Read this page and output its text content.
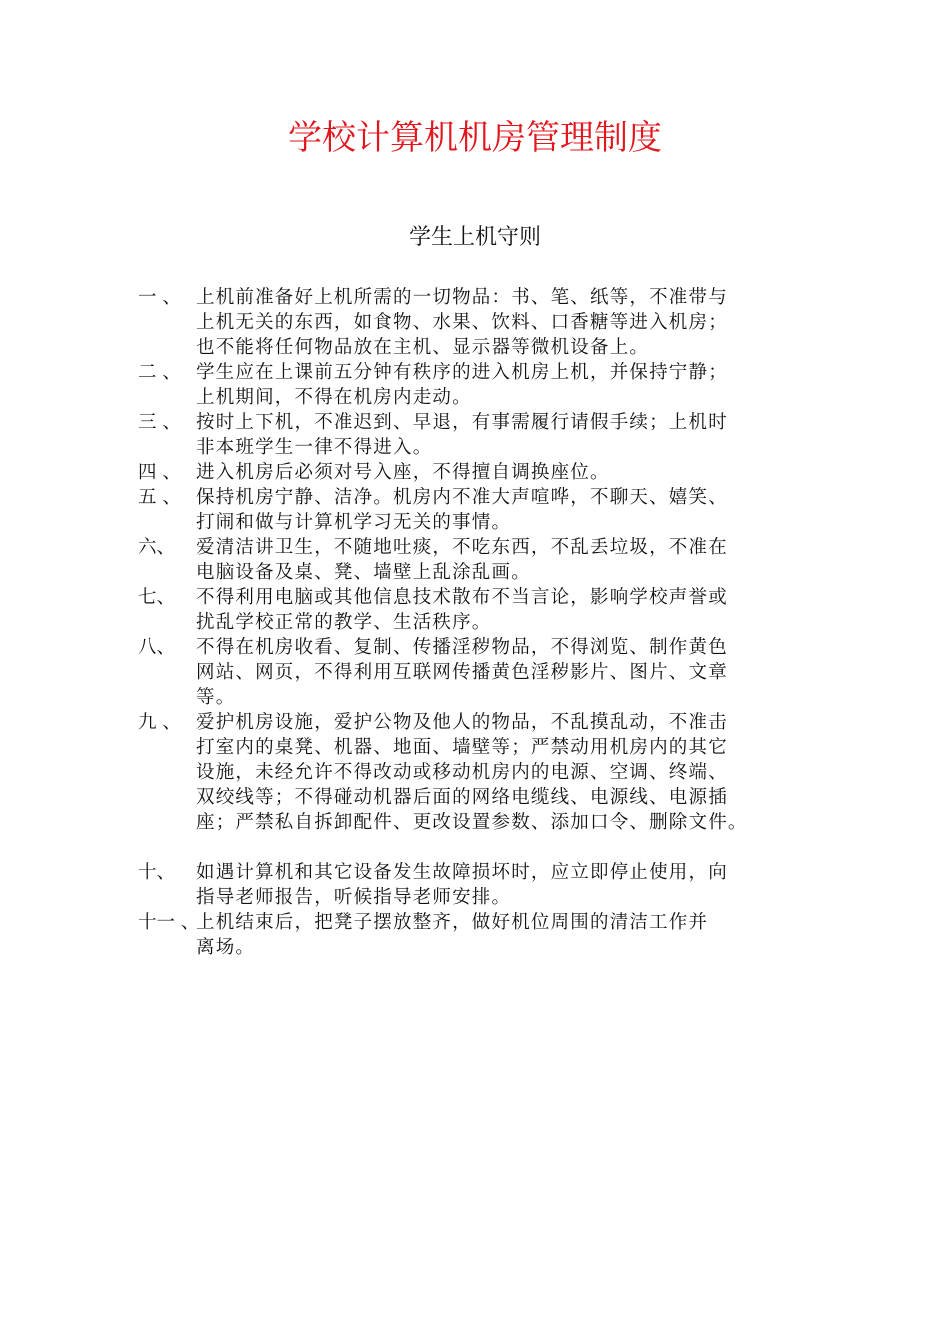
学校计算机机房管理制度
学生上机守则
一 、 上机前准备好上机所需的一切物品：书、笔、纸等，不准带与
上机无关的东西，如食物、水果、饮料、口香糖等进入机房；
也不能将任何物品放在主机、显示器等微机设备上。
二 、 学生应在上课前五分钟有秩序的进入机房上机，并保持宁静；
上机期间，不得在机房内走动。
三 、 按时上下机，不准迟到、早退，有事需履行请假手续；上机时
非本班学生一律不得进入。
四 、 进入机房后必须对号入座，不得擅自调换座位。
五 、 保持机房宁静、洁净。机房内不准大声喧哗，不聊天、嬉笑、
打闹和做与计算机学习无关的事情。
六、	爱清洁讲卫生，不随地吐痰，不吃东西，不乱丢垃圾，不准在
电脑设备及桌、凳、墙壁上乱涂乱画。
七、	不得利用电脑或其他信息技术散布不当言论，影响学校声誉或
扰乱学校正常的教学、生活秩序。
八、	不得在机房收看、复制、传播淫秽物品，不得浏览、制作黄色
网站、网页，不得利用互联网传播黄色淫秽影片、图片、文章
等。
九 、 爱护机房设施，爱护公物及他人的物品，不乱摸乱动，不准击
打室内的桌凳、机器、地面、墙壁等；严禁动用机房内的其它
设施，未经允许不得改动或移动机房内的电源、空调、终端、
双绞线等；不得碰动机器后面的网络电缆线、电源线、电源插
座；严禁私自拆卸配件、更改设置参数、添加口令、删除文件。
十、	如遇计算机和其它设备发生故障损坏时，应立即停止使用，向
指导老师报告，听候指导老师安排。
十一 、
上机结束后，把凳子摆放整齐，做好机位周围的清洁工作并
离场。
